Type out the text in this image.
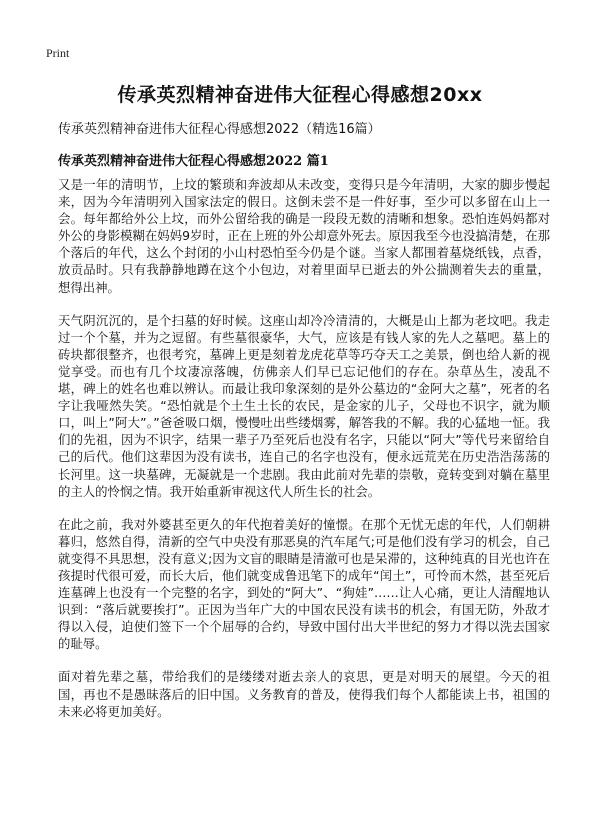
Print
传承英烈精神奋进伟大征程心得感想20xx

传承英烈精神奋进伟大征程心得感想2022（精选16篇）

传承英烈精神奋进伟大征程心得感想2022 篇1

又是一年的清明节，上坟的繁琐和奔波却从未改变，变得只是今年清明，大家的脚步慢起来，因为今年清明列入国家法定的假日。这倒未尝不是一件好事，至少可以多留在山上一会。每年都给外公上坟，而外公留给我的确是一段段无数的清晰和想象。恐怕连妈妈都对外公的身影模糊在妈妈9岁时，正在上班的外公却意外死去。原因我至今也没搞清楚，在那个落后的年代，这么个封闭的小山村恐怕至今仍是个谜。当家人都围着墓烧纸钱，点香，放贡品时。只有我静静地蹲在这个小包边，对着里面早已逝去的外公揣测着失去的重量，想得出神。

天气阴沉沉的，是个扫墓的好时候。这座山却冷冷清清的，大概是山上都为老坟吧。我走过一个个墓，并为之逗留。有些墓很豪华，大气，应该是有钱人家的先人之墓吧。墓上的砖块都很整齐，也很考究，墓碑上更是刻着龙虎花草等巧夺天工之美景，倒也给人新的视觉享受。而也有几个坟凄凉落魄，仿佛亲人们早已忘记他们的存在。杂草丛生，凌乱不堪，碑上的姓名也难以辨认。而最让我印象深刻的是外公墓边的“金阿大之墓”，死者的名字让我哑然失笑。“恐怕就是个土生土长的农民，是金家的儿子，父母也不识字，就为顺口，叫上”阿大”。”爸爸吸口烟，慢慢吐出些缕烟雾，解答我的不解。我的心猛地一怔。我们的先祖，因为不识字，结果一辈子乃至死后也没有名字，只能以“阿大”等代号来留给自己的后代。他们这辈因为没有读书，连自己的名字也没有，便永远荒芜在历史浩浩荡荡的长河里。这一块墓碑，无凝就是一个悲剧。我由此前对先辈的崇敬，竟转变到对躺在墓里的主人的怜悯之情。我开始重新审视这代人所生长的社会。

在此之前，我对外婆甚至更久的年代抱着美好的憧憬。在那个无忧无虑的年代，人们朝耕暮归，悠然自得，清新的空气中央没有那恶臭的汽车尾气;可是他们没有学习的机会，自己就变得不具思想，没有意义;因为文盲的眼睛是清澈可也是呆滞的，这种纯真的目光也许在孩提时代很可爱，而长大后，他们就变成鲁迅笔下的成年“闰土”，可怜而木然，甚至死后连墓碑上也没有一个完整的名字，到处的“阿大”、“狗娃”……让人心痛，更让人清醒地认识到：“落后就要挨打”。正因为当年广大的中国农民没有读书的机会，有国无防，外敌才得以入侵，迫使们签下一个个屈辱的合约，导致中国付出大半世纪的努力才得以洗去国家的耻辱。

面对着先辈之墓，带给我们的是缕缕对逝去亲人的哀思，更是对明天的展望。今天的祖国，再也不是愚昧落后的旧中国。义务教育的普及，使得我们每个人都能读上书，祖国的未来必将更加美好。
